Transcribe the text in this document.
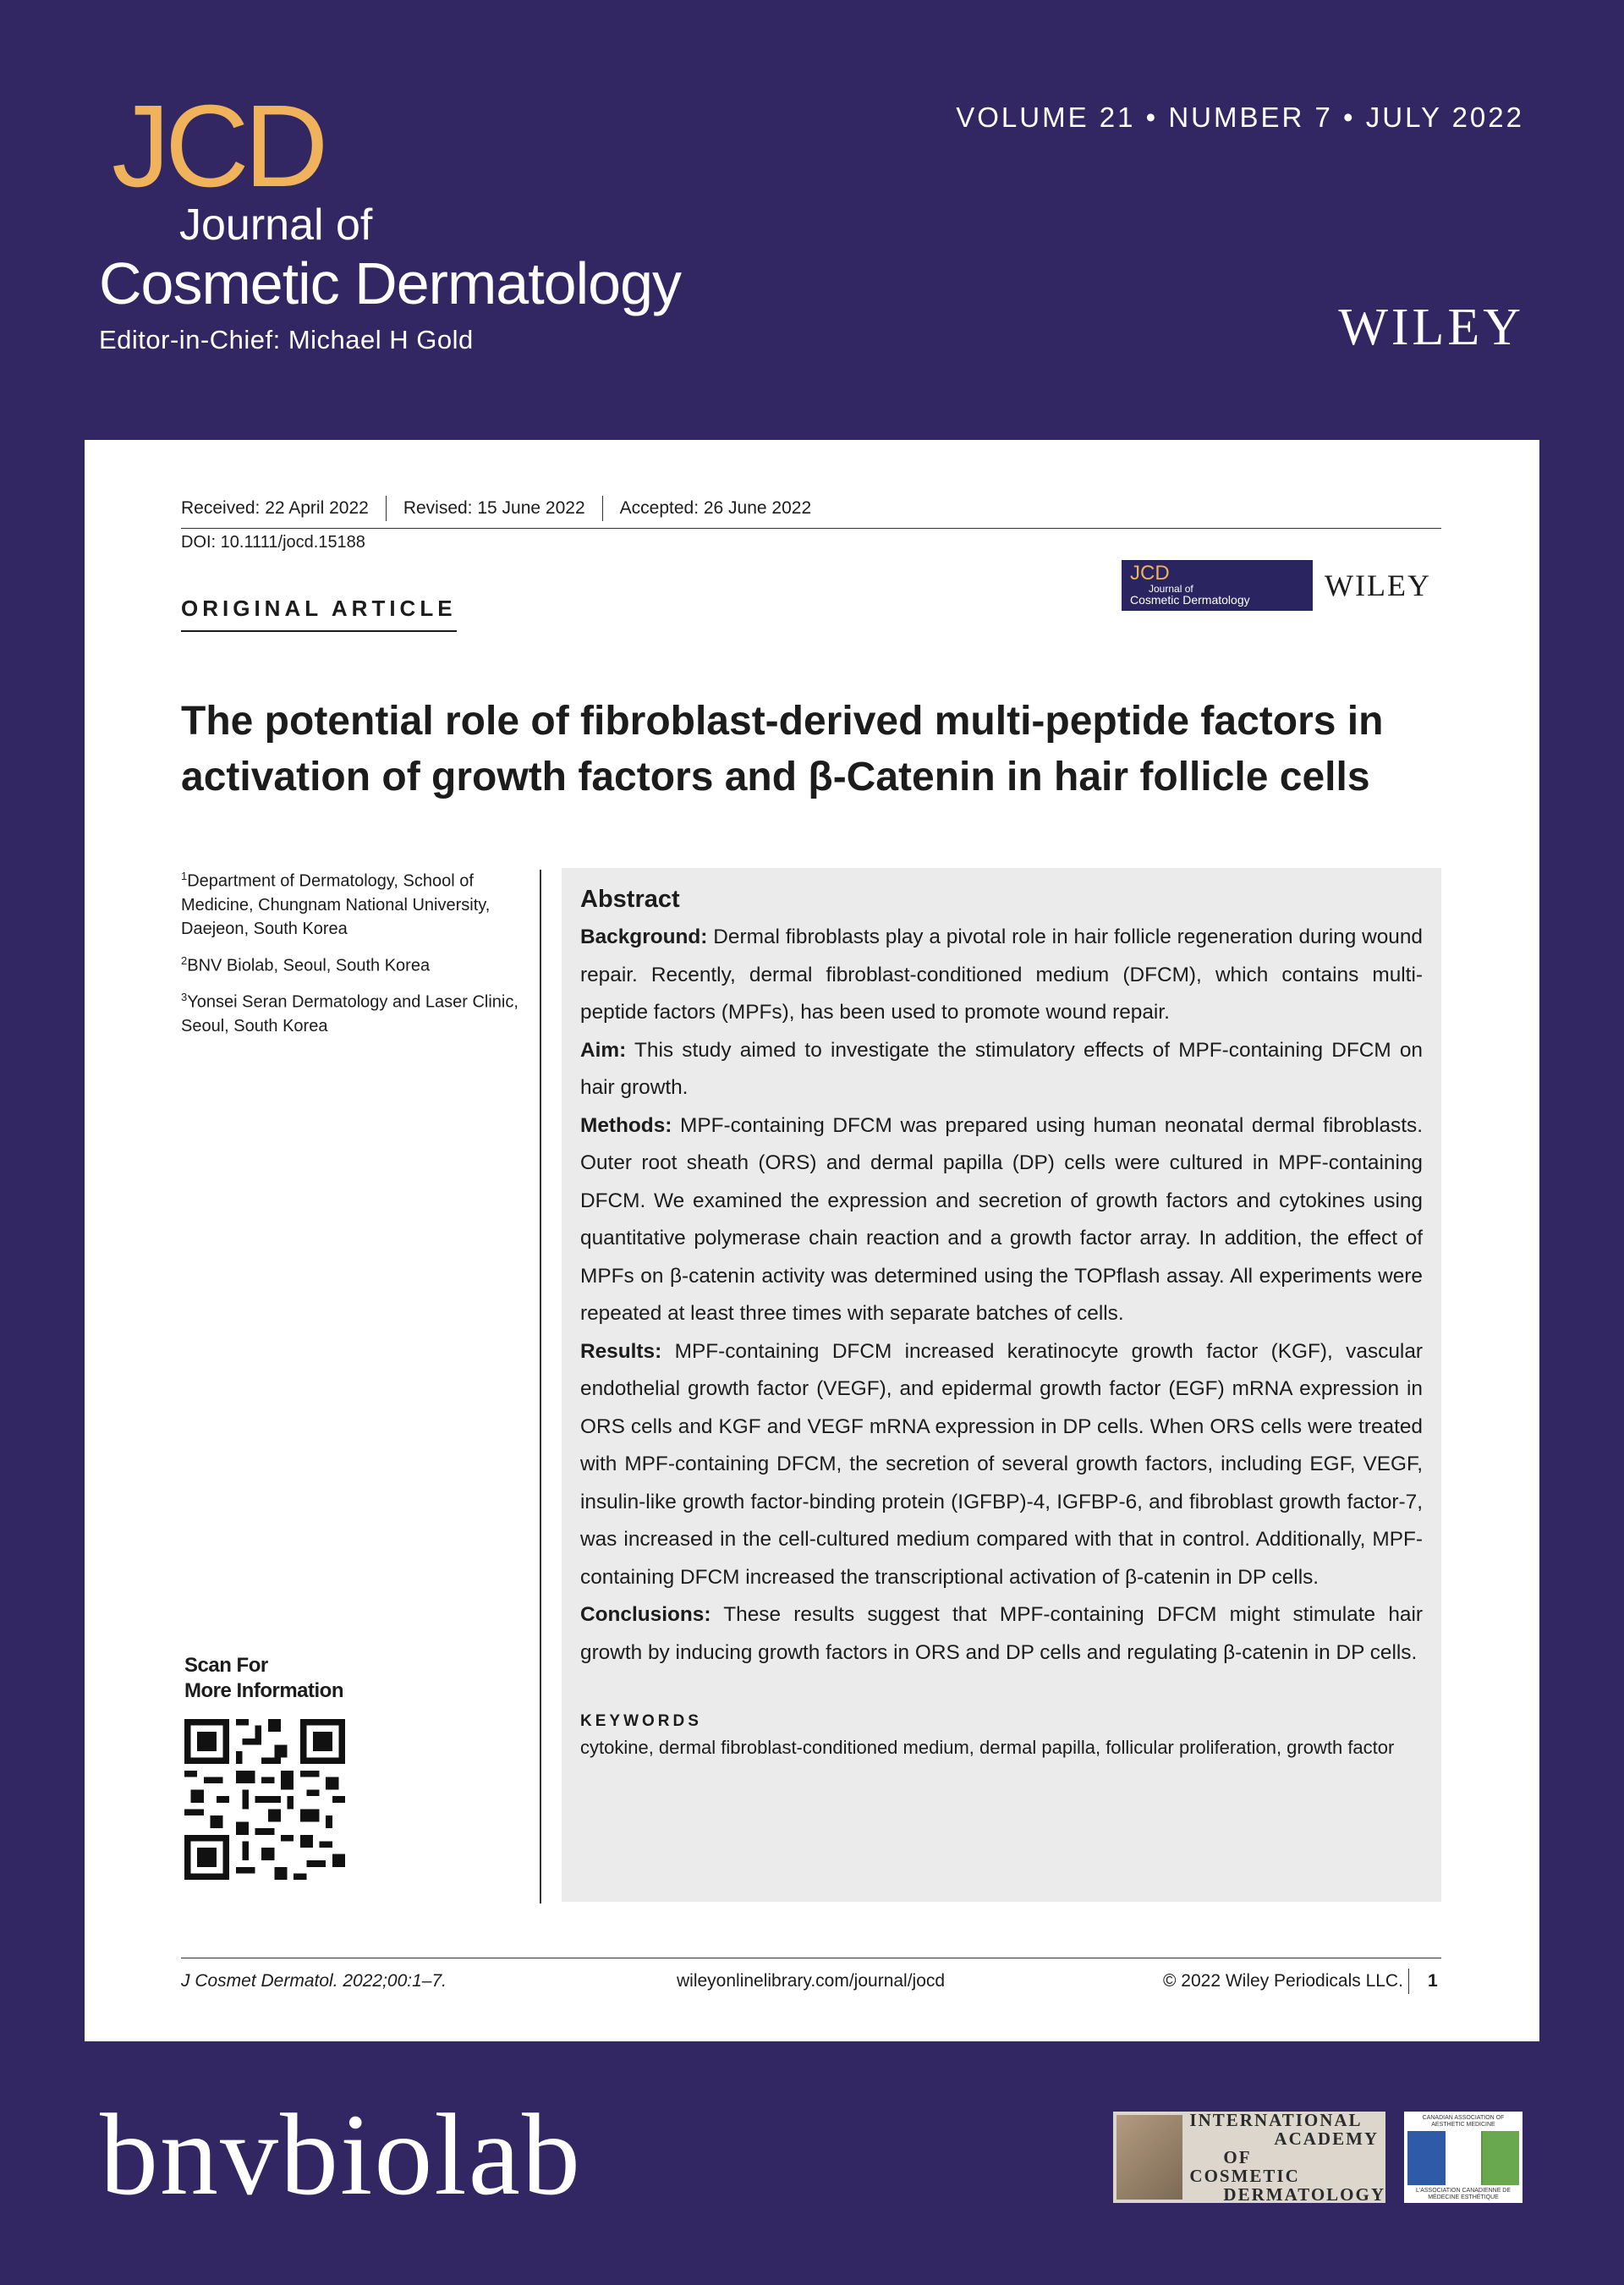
JCD
Journal of
Cosmetic Dermatology
Editor-in-Chief: Michael H Gold
VOLUME 21 • NUMBER 7 • JULY 2022
WILEY
Received: 22 April 2022	Revised: 15 June 2022	Accepted: 26 June 2022
DOI: 10.1111/jocd.15188
ORIGINAL ARTICLE
JCD
Journal of
Cosmetic Dermatology	WILEY
The potential role of fibroblast-derived multi-peptide factors in activation of growth factors and β-Catenin in hair follicle cells

$^1$Department of Dermatology, School of Medicine, Chungnam National University, Daejeon, South Korea

$^2$BNV Biolab, Seoul, South Korea

$^3$Yonsei Seran Dermatology and Laser Clinic, Seoul, South Korea

Scan For
More Information
Abstract

Background: Dermal fibroblasts play a pivotal role in hair follicle regeneration during wound repair. Recently, dermal fibroblast-conditioned medium (DFCM), which contains multi-peptide factors (MPFs), has been used to promote wound repair.

Aim: This study aimed to investigate the stimulatory effects of MPF-containing DFCM on hair growth.

Methods: MPF-containing DFCM was prepared using human neonatal dermal fibroblasts. Outer root sheath (ORS) and dermal papilla (DP) cells were cultured in MPF-containing DFCM. We examined the expression and secretion of growth factors and cytokines using quantitative polymerase chain reaction and a growth factor array. In addition, the effect of MPFs on β-catenin activity was determined using the TOPflash assay. All experiments were repeated at least three times with separate batches of cells.

Results: MPF-containing DFCM increased keratinocyte growth factor (KGF), vascular endothelial growth factor (VEGF), and epidermal growth factor (EGF) mRNA expression in ORS cells and KGF and VEGF mRNA expression in DP cells. When ORS cells were treated with MPF-containing DFCM, the secretion of several growth factors, including EGF, VEGF, insulin-like growth factor-binding protein (IGFBP)-4, IGFBP-6, and fibroblast growth factor-7, was increased in the cell-cultured medium compared with that in control. Additionally, MPF-containing DFCM increased the transcriptional activation of β-catenin in DP cells.

Conclusions: These results suggest that MPF-containing DFCM might stimulate hair growth by inducing growth factors in ORS and DP cells and regulating β-catenin in DP cells.

KEYWORDS
cytokine, dermal fibroblast-conditioned medium, dermal papilla, follicular proliferation, growth factor
J Cosmet Dermatol. 2022;00:1–7.	wileyonlinelibrary.com/journal/jocd	© 2022 Wiley Periodicals LLC.	1
bnvbiolab	INTERNATIONAL
ACADEMY
OF
COSMETIC
DERMATOLOGY
CANADIAN ASSOCIATION OF AESTHETIC MEDICINE
L'ASSOCIATION CANADIENNE DE MÉDECINE ESTHÉTIQUE
